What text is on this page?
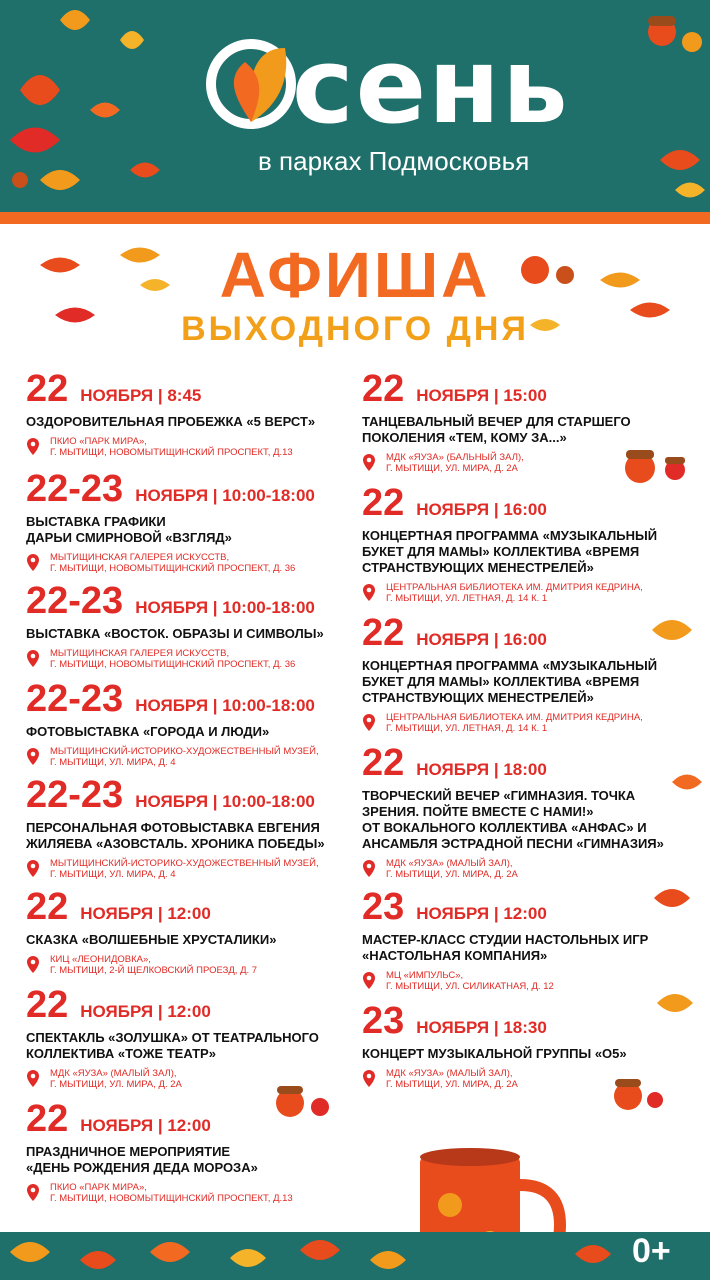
сень
в парках Подмосковья
АФИША
ВЫХОДНОГО ДНЯ
22 НОЯБРЯ | 8:45
ОЗДОРОВИТЕЛЬНАЯ ПРОБЕЖКА «5 ВЕРСТ»
ПКИО «ПАРК МИРА»,
Г. МЫТИЩИ, НОВОМЫТИЩИНСКИЙ ПРОСПЕКТ, Д.13
22-23 НОЯБРЯ | 10:00-18:00
ВЫСТАВКА ГРАФИКИ
ДАРЬИ СМИРНОВОЙ «ВЗГЛЯД»
МЫТИЩИНСКАЯ ГАЛЕРЕЯ ИСКУССТВ,
Г. МЫТИЩИ, НОВОМЫТИЩИНСКИЙ ПРОСПЕКТ, Д. 36
22-23 НОЯБРЯ | 10:00-18:00
ВЫСТАВКА «ВОСТОК. ОБРАЗЫ И СИМВОЛЫ»
МЫТИЩИНСКАЯ ГАЛЕРЕЯ ИСКУССТВ,
Г. МЫТИЩИ, НОВОМЫТИЩИНСКИЙ ПРОСПЕКТ, Д. 36
22-23 НОЯБРЯ | 10:00-18:00
ФОТОВЫСТАВКА «ГОРОДА И ЛЮДИ»
МЫТИЩИНСКИЙ-ИСТОРИКО-ХУДОЖЕСТВЕННЫЙ МУЗЕЙ,
Г. МЫТИЩИ, УЛ. МИРА, Д. 4
22-23 НОЯБРЯ | 10:00-18:00
ПЕРСОНАЛЬНАЯ ФОТОВЫСТАВКА ЕВГЕНИЯ
ЖИЛЯЕВА «АЗОВСТАЛЬ. ХРОНИКА ПОБЕДЫ»
МЫТИЩИНСКИЙ-ИСТОРИКО-ХУДОЖЕСТВЕННЫЙ МУЗЕЙ,
Г. МЫТИЩИ, УЛ. МИРА, Д. 4
22 НОЯБРЯ | 12:00
СКАЗКА «ВОЛШЕБНЫЕ ХРУСТАЛИКИ»
КИЦ «ЛЕОНИДОВКА»,
Г. МЫТИЩИ, 2-Й ЩЕЛКОВСКИЙ ПРОЕЗД, Д. 7
22 НОЯБРЯ | 12:00
СПЕКТАКЛЬ «ЗОЛУШКА» ОТ ТЕАТРАЛЬНОГО
КОЛЛЕКТИВА «ТОЖЕ ТЕАТР»
МДК «ЯУЗА» (МАЛЫЙ ЗАЛ),
Г. МЫТИЩИ, УЛ. МИРА, Д. 2А
22 НОЯБРЯ | 12:00
ПРАЗДНИЧНОЕ МЕРОПРИЯТИЕ
«ДЕНЬ РОЖДЕНИЯ ДЕДА МОРОЗА»
ПКИО «ПАРК МИРА»,
Г. МЫТИЩИ, НОВОМЫТИЩИНСКИЙ ПРОСПЕКТ, Д.13
22 НОЯБРЯ | 15:00
ТАНЦЕВАЛЬНЫЙ ВЕЧЕР ДЛЯ СТАРШЕГО
ПОКОЛЕНИЯ «ТЕМ, КОМУ ЗА...»
МДК «ЯУЗА» (БАЛЬНЫЙ ЗАЛ),
Г. МЫТИЩИ, УЛ. МИРА, Д. 2А
22 НОЯБРЯ | 16:00
КОНЦЕРТНАЯ ПРОГРАММА «МУЗЫКАЛЬНЫЙ
БУКЕТ ДЛЯ МАМЫ» КОЛЛЕКТИВА «ВРЕМЯ
СТРАНСТВУЮЩИХ МЕНЕСТРЕЛЕЙ»
ЦЕНТРАЛЬНАЯ БИБЛИОТЕКА ИМ. ДМИТРИЯ КЕДРИНА,
Г. МЫТИЩИ, УЛ. ЛЕТНАЯ, Д. 14 К. 1
22 НОЯБРЯ | 16:00
КОНЦЕРТНАЯ ПРОГРАММА «МУЗЫКАЛЬНЫЙ
БУКЕТ ДЛЯ МАМЫ» КОЛЛЕКТИВА «ВРЕМЯ
СТРАНСТВУЮЩИХ МЕНЕСТРЕЛЕЙ»
ЦЕНТРАЛЬНАЯ БИБЛИОТЕКА ИМ. ДМИТРИЯ КЕДРИНА,
Г. МЫТИЩИ, УЛ. ЛЕТНАЯ, Д. 14 К. 1
22 НОЯБРЯ | 18:00
ТВОРЧЕСКИЙ ВЕЧЕР «ГИМНАЗИЯ. ТОЧКА
ЗРЕНИЯ. ПОЙТЕ ВМЕСТЕ С НАМИ!»
ОТ ВОКАЛЬНОГО КОЛЛЕКТИВА «АНФАС» И
АНСАМБЛЯ ЭСТРАДНОЙ ПЕСНИ «ГИМНАЗИЯ»
МДК «ЯУЗА» (МАЛЫЙ ЗАЛ),
Г. МЫТИЩИ, УЛ. МИРА, Д. 2А
23 НОЯБРЯ | 12:00
МАСТЕР-КЛАСС СТУДИИ НАСТОЛЬНЫХ ИГР
«НАСТОЛЬНАЯ КОМПАНИЯ»
МЦ «ИМПУЛЬС»,
Г. МЫТИЩИ, УЛ. СИЛИКАТНАЯ, Д. 12
23 НОЯБРЯ | 18:30
КОНЦЕРТ МУЗЫКАЛЬНОЙ ГРУППЫ «О5»
МДК «ЯУЗА» (МАЛЫЙ ЗАЛ),
Г. МЫТИЩИ, УЛ. МИРА, Д. 2А
0+
